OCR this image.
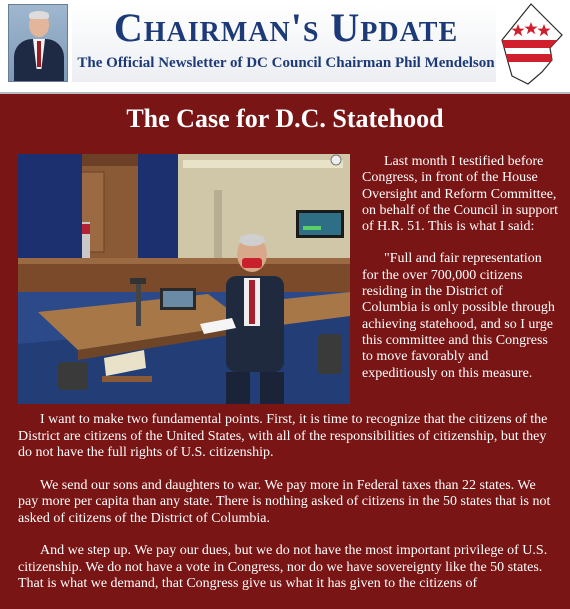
Chairman's Update
The Official Newsletter of DC Council Chairman Phil Mendelson
The Case for D.C. Statehood

Last month I testified before Congress, in front of the House Oversight and Reform Committee, on behalf of the Council in support of H.R. 51. This is what I said:

"Full and fair representation for the over 700,000 citizens residing in the District of Columbia is only possible through achieving statehood, and so I urge this committee and this Congress to move favorably and expeditiously on this measure.

I want to make two fundamental points. First, it is time to recognize that the citizens of the District are citizens of the United States, with all of the responsibilities of citizenship, but they do not have the full rights of U.S. citizenship.

We send our sons and daughters to war. We pay more in Federal taxes than 22 states. We pay more per capita than any state. There is nothing asked of citizens in the 50 states that is not asked of citizens of the District of Columbia.

And we step up. We pay our dues, but we do not have the most important privilege of U.S. citizenship. We do not have a vote in Congress, nor do we have sovereignty like the 50 states. That is what we demand, that Congress give us what it has given to the citizens of
